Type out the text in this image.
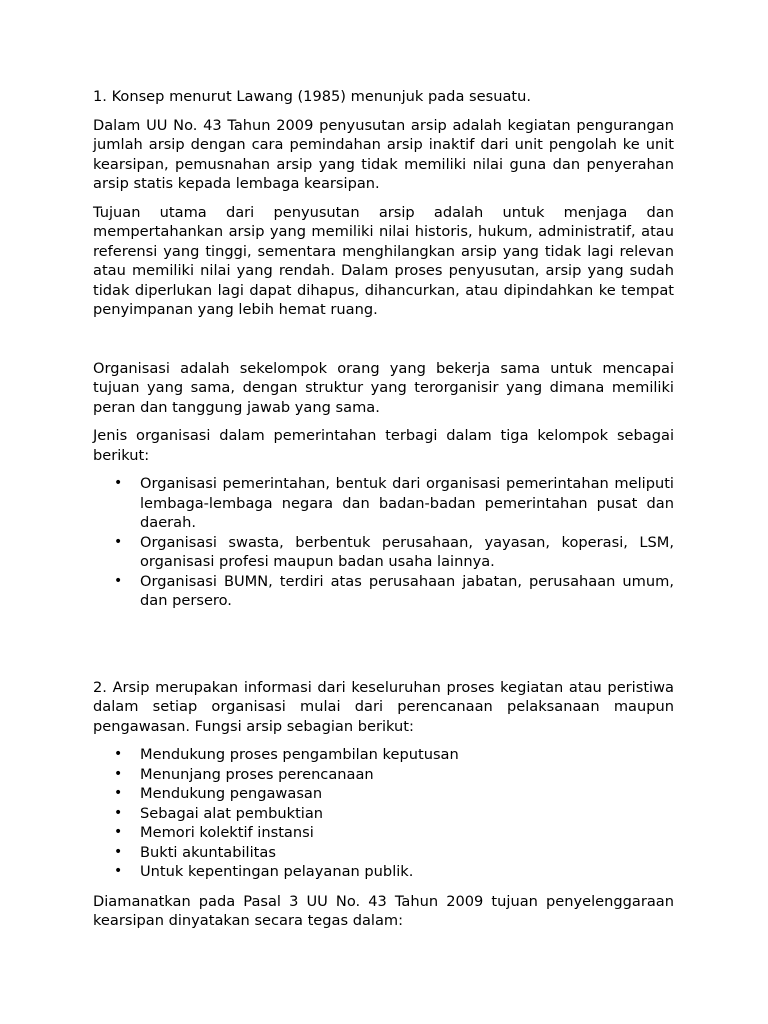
1. Konsep menurut Lawang (1985) menunjuk pada sesuatu.

Dalam UU No. 43 Tahun 2009 penyusutan arsip adalah kegiatan pengurangan jumlah arsip dengan cara pemindahan arsip inaktif dari unit pengolah ke unit kearsipan, pemusnahan arsip yang tidak memiliki nilai guna dan penyerahan arsip statis kepada lembaga kearsipan.

Tujuan utama dari penyusutan arsip adalah untuk menjaga dan mempertahankan arsip yang memiliki nilai historis, hukum, administratif, atau referensi yang tinggi, sementara menghilangkan arsip yang tidak lagi relevan atau memiliki nilai yang rendah. Dalam proses penyusutan, arsip yang sudah tidak diperlukan lagi dapat dihapus, dihancurkan, atau dipindahkan ke tempat penyimpanan yang lebih hemat ruang.

Organisasi adalah sekelompok orang yang bekerja sama untuk mencapai tujuan yang sama, dengan struktur yang terorganisir yang dimana memiliki peran dan tanggung jawab yang sama.

Jenis organisasi dalam pemerintahan terbagi dalam tiga kelompok sebagai berikut:

• Organisasi pemerintahan, bentuk dari organisasi pemerintahan meliputi lembaga-lembaga negara dan badan-badan pemerintahan pusat dan daerah.
• Organisasi swasta, berbentuk perusahaan, yayasan, koperasi, LSM, organisasi profesi maupun badan usaha lainnya.
• Organisasi BUMN, terdiri atas perusahaan jabatan, perusahaan umum, dan persero.

2. Arsip merupakan informasi dari keseluruhan proses kegiatan atau peristiwa dalam setiap organisasi mulai dari perencanaan pelaksanaan maupun pengawasan. Fungsi arsip sebagian berikut:

• Mendukung proses pengambilan keputusan
• Menunjang proses perencanaan
• Mendukung pengawasan
• Sebagai alat pembuktian
• Memori kolektif instansi
• Bukti akuntabilitas
• Untuk kepentingan pelayanan publik.

Diamanatkan pada Pasal 3 UU No. 43 Tahun 2009 tujuan penyelenggaraan kearsipan dinyatakan secara tegas dalam:
